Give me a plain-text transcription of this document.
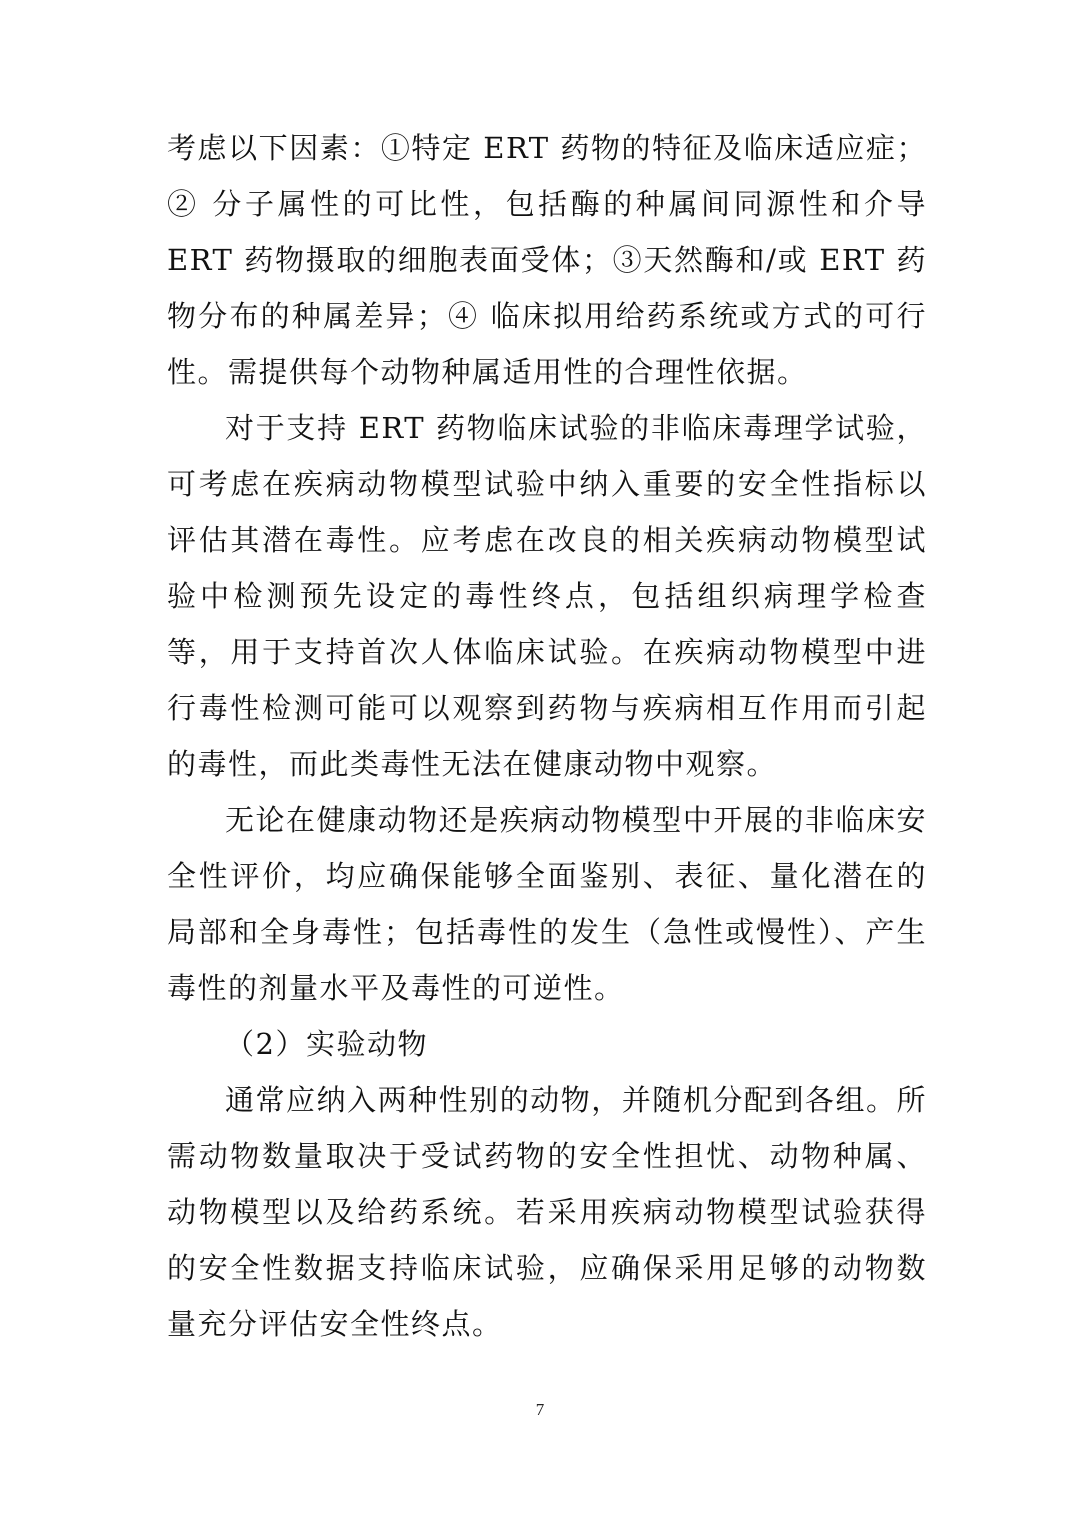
考虑以下因素：①特定 ERT 药物的特征及临床适应症；② 分子属性的可比性，包括酶的种属间同源性和介导 ERT 药物摄取的细胞表面受体；③天然酶和/或 ERT 药物分布的种属差异；④ 临床拟用给药系统或方式的可行性。需提供每个动物种属适用性的合理性依据。

对于支持 ERT 药物临床试验的非临床毒理学试验，可考虑在疾病动物模型试验中纳入重要的安全性指标以评估其潜在毒性。应考虑在改良的相关疾病动物模型试验中检测预先设定的毒性终点，包括组织病理学检查等，用于支持首次人体临床试验。在疾病动物模型中进行毒性检测可能可以观察到药物与疾病相互作用而引起的毒性，而此类毒性无法在健康动物中观察。

无论在健康动物还是疾病动物模型中开展的非临床安全性评价，均应确保能够全面鉴别、表征、量化潜在的局部和全身毒性；包括毒性的发生（急性或慢性）、产生毒性的剂量水平及毒性的可逆性。

（2）实验动物

通常应纳入两种性别的动物，并随机分配到各组。所需动物数量取决于受试药物的安全性担忧、动物种属、动物模型以及给药系统。若采用疾病动物模型试验获得的安全性数据支持临床试验，应确保采用足够的动物数量充分评估安全性终点。

7
